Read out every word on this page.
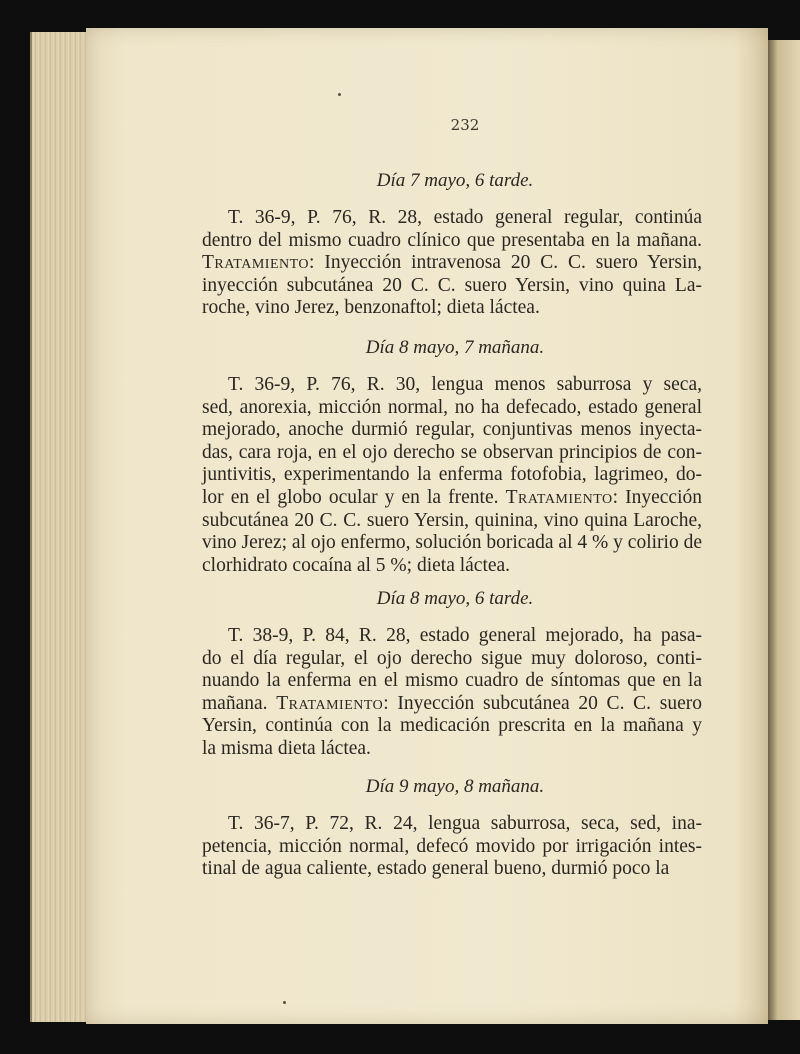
232
Día 7 mayo, 6 tarde.

T. 36-9, P. 76, R. 28, estado general regular, continúa
dentro del mismo cuadro clínico que presentaba en la mañana.
Tratamiento: Inyección intravenosa 20 C. C. suero Yersin,
inyección subcutánea 20 C. C. suero Yersin, vino quina La-
roche, vino Jerez, benzonaftol; dieta láctea.

Día 8 mayo, 7 mañana.

T. 36-9, P. 76, R. 30, lengua menos saburrosa y seca,
sed, anorexia, micción normal, no ha defecado, estado general
mejorado, anoche durmió regular, conjuntivas menos inyecta-
das, cara roja, en el ojo derecho se observan principios de con-
juntivitis, experimentando la enferma fotofobia, lagrimeo, do-
lor en el globo ocular y en la frente. Tratamiento: Inyección
subcutánea 20 C. C. suero Yersin, quinina, vino quina Laroche,
vino Jerez; al ojo enfermo, solución boricada al 4 % y colirio de
clorhidrato cocaína al 5 %; dieta láctea.

Día 8 mayo, 6 tarde.

T. 38-9, P. 84, R. 28, estado general mejorado, ha pasa-
do el día regular, el ojo derecho sigue muy doloroso, conti-
nuando la enferma en el mismo cuadro de síntomas que en la
mañana. Tratamiento: Inyección subcutánea 20 C. C. suero
Yersin, continúa con la medicación prescrita en la mañana y
la misma dieta láctea.

Día 9 mayo, 8 mañana.

T. 36-7, P. 72, R. 24, lengua saburrosa, seca, sed, ina-
petencia, micción normal, defecó movido por irrigación intes-
tinal de agua caliente, estado general bueno, durmió poco la
